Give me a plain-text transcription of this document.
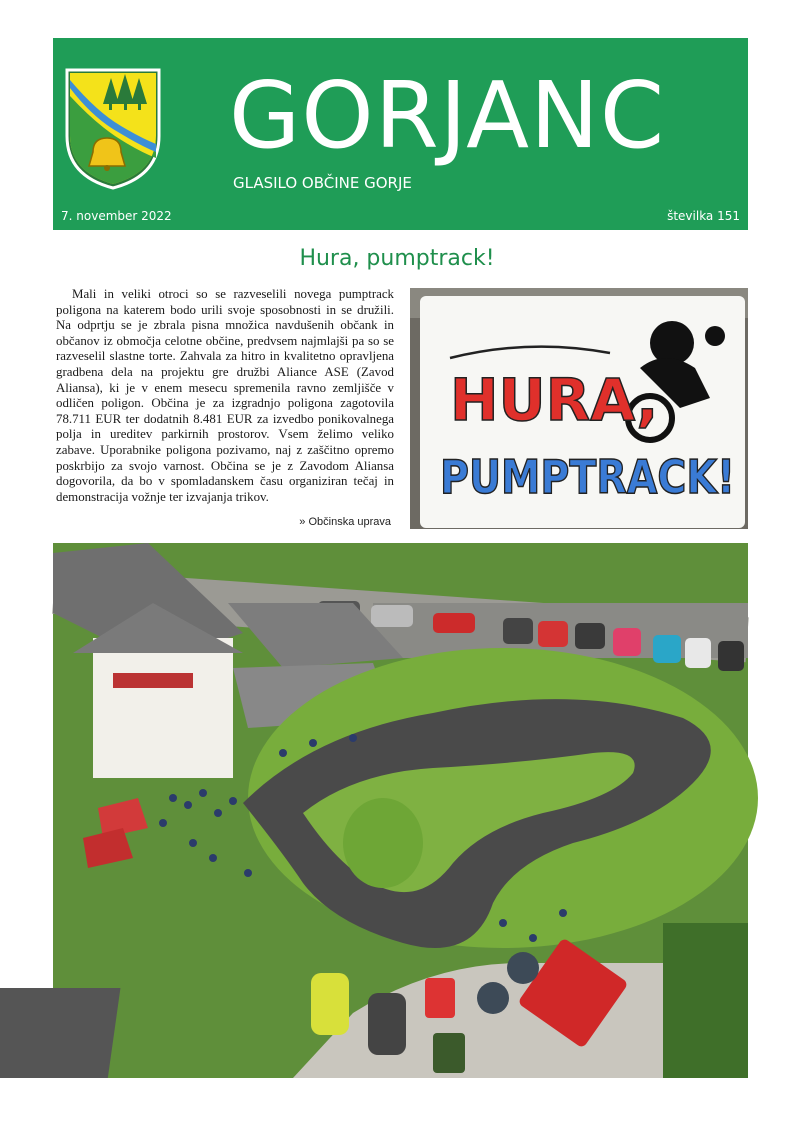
GORJANC
GLASILO OBČINE GORJE
7. november 2022	številka 151
Hura, pumptrack!

Mali in veliki otroci so se razveselili novega pumptrack poligona na katerem bodo urili svoje sposobnosti in se družili. Na odprtju se je zbrala pisna množica navdušenih občank in občanov iz območja celotne občine, predvsem najmlajši pa so se razveselil slastne torte. Zahvala za hitro in kvalitetno opravljena gradbena dela na projektu gre družbi Aliance ASE (Zavod Aliansa), ki je v enem mesecu spremenila ravno zemljišče v odličen poligon. Občina je za izgradnjo poligona zagotovila 78.711 EUR ter dodatnih 8.481 EUR za izvedbo ponikovalnega polja in ureditev parkirnih prostorov. Vsem želimo veliko zabave. Uporabnike poligona pozivamo, naj z zaščitno opremo poskrbijo za svojo varnost. Občina se je z Zavodom Aliansa dogovorila, da bo v spomladanskem času organiziran tečaj in demonstracija vožnje ter izvajanja trikov.

» Občinska uprava
HURA,
PUMPTRACK!
